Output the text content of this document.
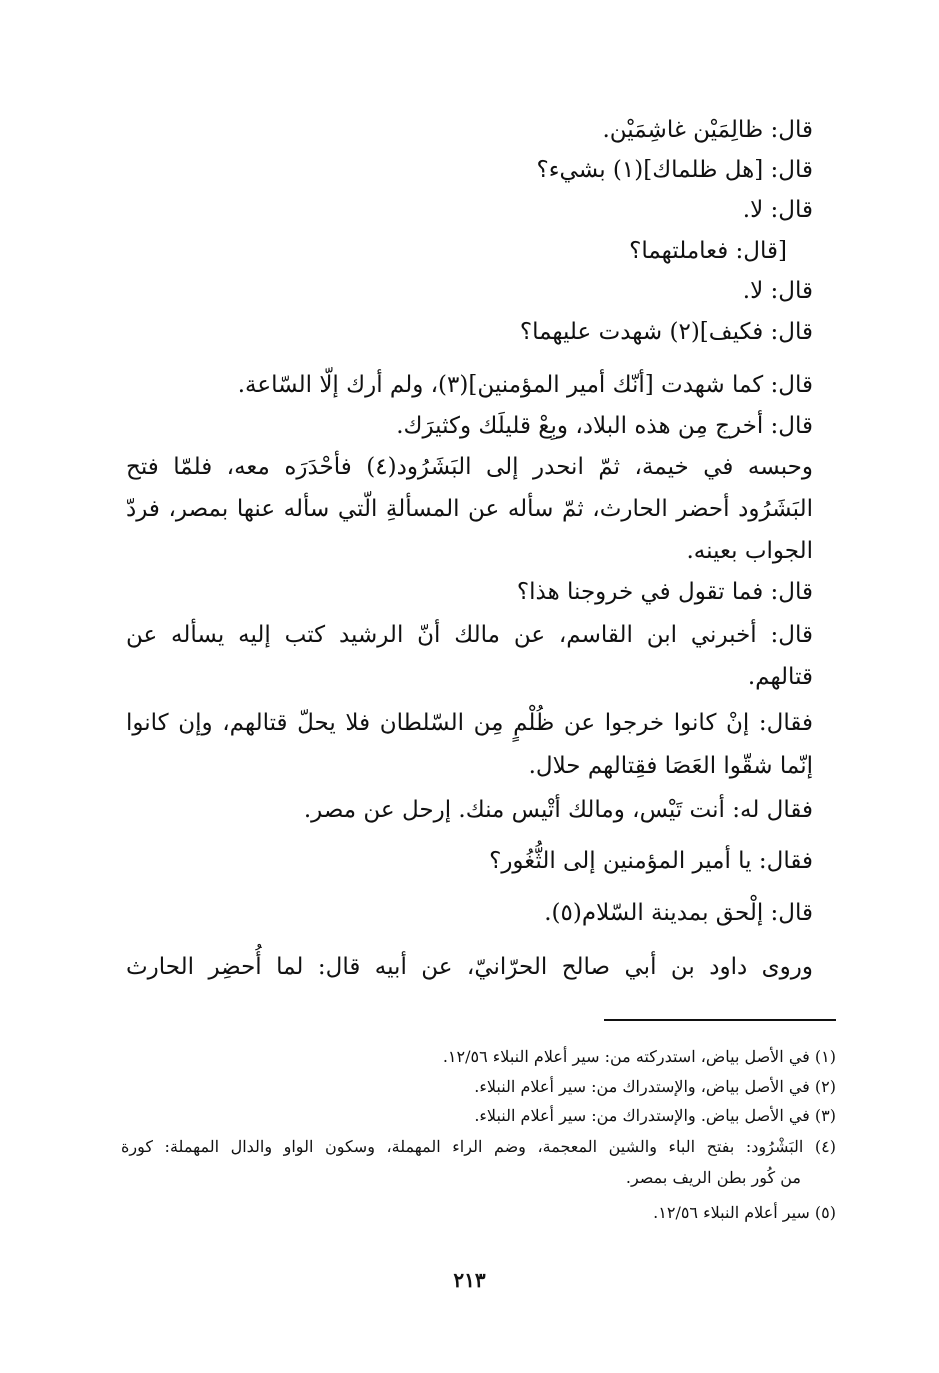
قال: ظالِمَيْن غاشِمَيْن.
قال: [هل ظلماك](١) بشيء؟
قال: لا.
[قال: فعاملتهما؟
قال: لا.
قال: فكيف](٢) شهدت عليهما؟
قال: كما شهدت [أنّك أمير المؤمنين](٣)، ولم أرك إلّا السّاعة.
قال: أخرج مِن هذه البلاد، وبِعْ قليلَك وكثيرَك.
وحبسه في خيمة، ثمّ انحدر إلى البَشَرُود(٤) فأحْدَرَه معه، فلمّا فتح
البَشَرُود أحضر الحارث، ثمّ سأله عن المسألةِ الّتي سأله عنها بمصر، فردّ
الجواب بعينه.
قال: فما تقول في خروجنا هذا؟
قال: أخبرني ابن القاسم، عن مالك أنّ الرشيد كتب إليه يسأله عن
قتالهم.
فقال: إنْ كانوا خرجوا عن ظُلْمٍ مِن السّلطان فلا يحلّ قتالهم، وإن كانوا
إنّما شقّوا العَصَا فقِتالهم حلال.
فقال له: أنت تَيْس، ومالك أتْيس منك. إرحل عن مصر.
فقال: يا أمير المؤمنين إلى الثُّغُور؟
قال: إلْحق بمدينة السّلام(٥).
وروى داود بن أبي صالح الحرّانيّ، عن أبيه قال: لما أُحضِر الحارث
(١) في الأصل بياض، استدركته من: سير أعلام النبلاء ١٢/٥٦.
(٢) في الأصل بياض، والإستدراك من: سير أعلام النبلاء.
(٣) في الأصل بياض. والإستدراك من: سير أعلام النبلاء.
(٤) البَشْرُود: بفتح الباء والشين المعجمة، وضم الراء المهملة، وسكون الواو والدال المهملة: كورة
من كُور بطن الريف بمصر.
(٥) سير أعلام النبلاء ١٢/٥٦.
٢١٣
